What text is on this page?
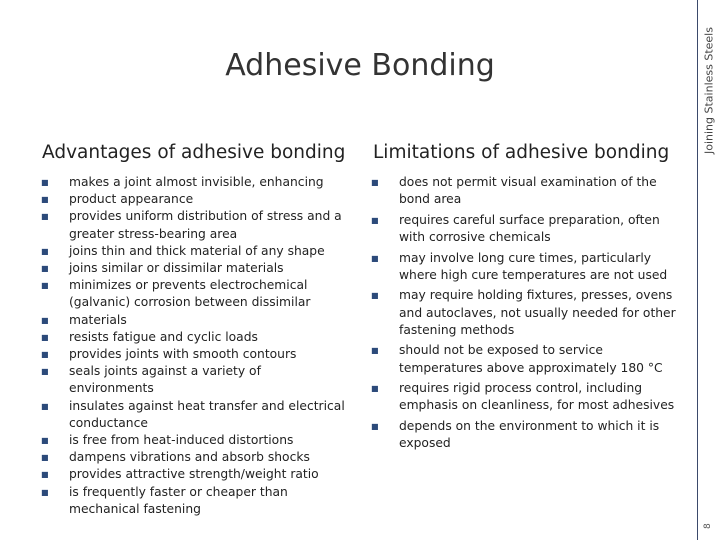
Joining Stainless Steels
8
Adhesive Bonding
Advantages of adhesive bonding Limitations of adhesive bonding
■ makes a joint almost invisible, enhancing
■ product appearance
■ provides uniform distribution of stress and a greater stress-bearing area
■ joins thin and thick material of any shape
■ joins similar or dissimilar materials
■ minimizes or prevents electrochemical (galvanic) corrosion between dissimilar
■ materials
■ resists fatigue and cyclic loads
■ provides joints with smooth contours
■ seals joints against a variety of environments
■ insulates against heat transfer and electrical conductance
■ is free from heat-induced distortions
■ dampens vibrations and absorb shocks
■ provides attractive strength/weight ratio
■ is frequently faster or cheaper than mechanical fastening
■ does not permit visual examination of the bond area
■ requires careful surface preparation, often with corrosive chemicals
■ may involve long cure times, particularly where high cure temperatures are not used
■ may require holding fixtures, presses, ovens and autoclaves, not usually needed for other fastening methods
■ should not be exposed to service temperatures above approximately 180 °C
■ requires rigid process control, including emphasis on cleanliness, for most adhesives
■ depends on the environment to which it is exposed
